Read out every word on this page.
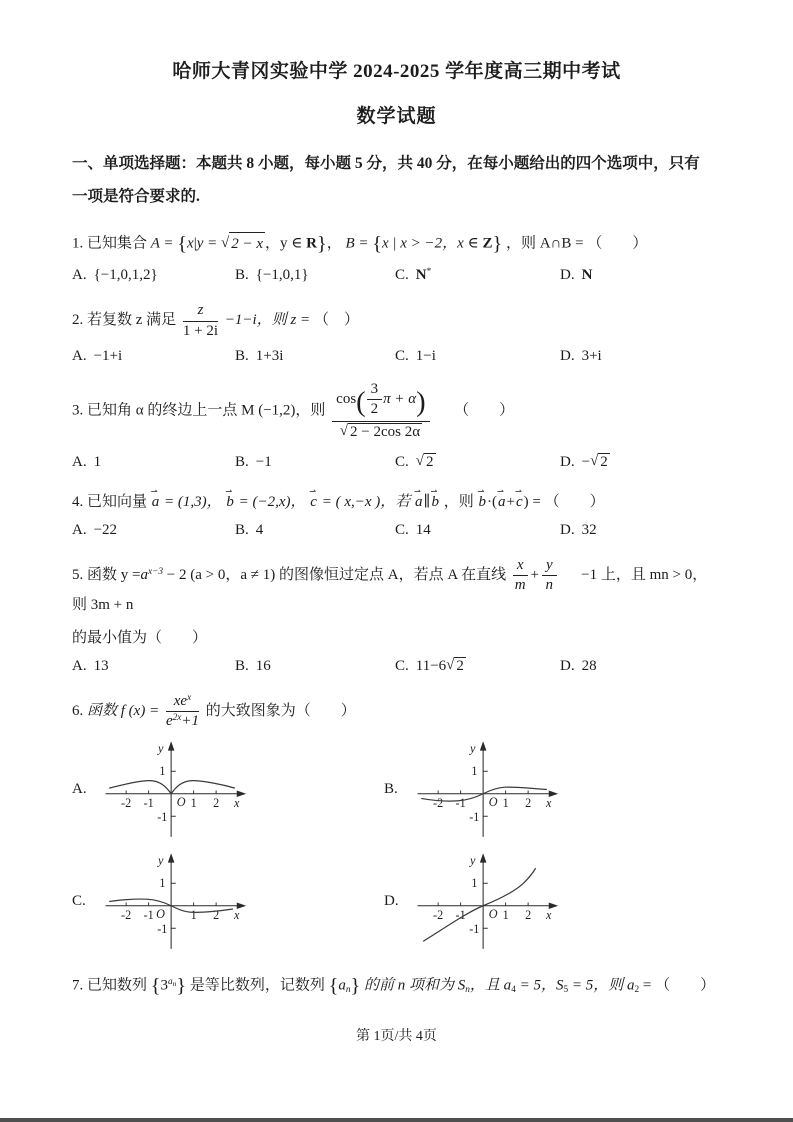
哈师大青冈实验中学 2024-2025 学年度高三期中考试
数学试题
一、单项选择题：本题共 8 小题，每小题 5 分，共 40 分，在每小题给出的四个选项中，只有
一项是符合要求的.
1. 已知集合 A = {x|y = √ 2 − x ，y ∈ R}， B = {x | x > −2，x ∈ Z} ，则 A∩B = （　　）
A. {−1,0,1,2}	B. {−1,0,1}	C. N*	D. N
2. 若复数 z 满足 $\frac{z}{1 + 2i} -1-i$，则 z = （　）
A. −1+i	B. 1+3i	C. 1−i	D. 3+i
3. 已知角 α 的终边上一点 M (−1,2)，则 $\frac{\cos( \frac{3}{2} \pi + \alpha)}{√ 2 - 2\cos 2\alpha}$ （　　）
A. 1	B. −1	C. √ 2	D. −√ 2
4. 已知向量 a ⇀ = (1,3)， b ⇀ = (−2,x)， c ⇀ = ( x,−x )，若 a ⇀∥b ⇀ ，则 b ⇀·(a ⇀+c ⇀) = （　　）
A. −22	B. 4	C. 14	D. 32
5. 函数 $y =a^{x-3} - 2$ (a > 0，a ≠ 1) 的图像恒过定点 A，若点 A 在直线 $\frac{x}{m} + \frac{y}{n} -1$ 上，且 mn > 0，则 3m + n
的最小值为（　　）
A. 13	B. 16	C. 11−6√ 2	D. 28
6. 函数 f $(x) = \frac{xe^x}{e^{2x}+1}$ 的大致图象为（　　）
A.
-2 -1	1 2
1
-1
O	x
y
B.
-2 -1	1 2
1
-1
O	x
y
C.
-2 -1	1 2
1
-1
O	x
y
D.
-2 -1	1 2
1
-1
O	x
y
7. 已知数列 $\{3^{a_n}\}$ 是等比数列，记数列 $\{a_n\}$ 的前 n 项和为 $S_n$，且 $a_4 = 5$，$S_5 = 5$，则 $a_2$ = （　　）
第 1页/共 4页
